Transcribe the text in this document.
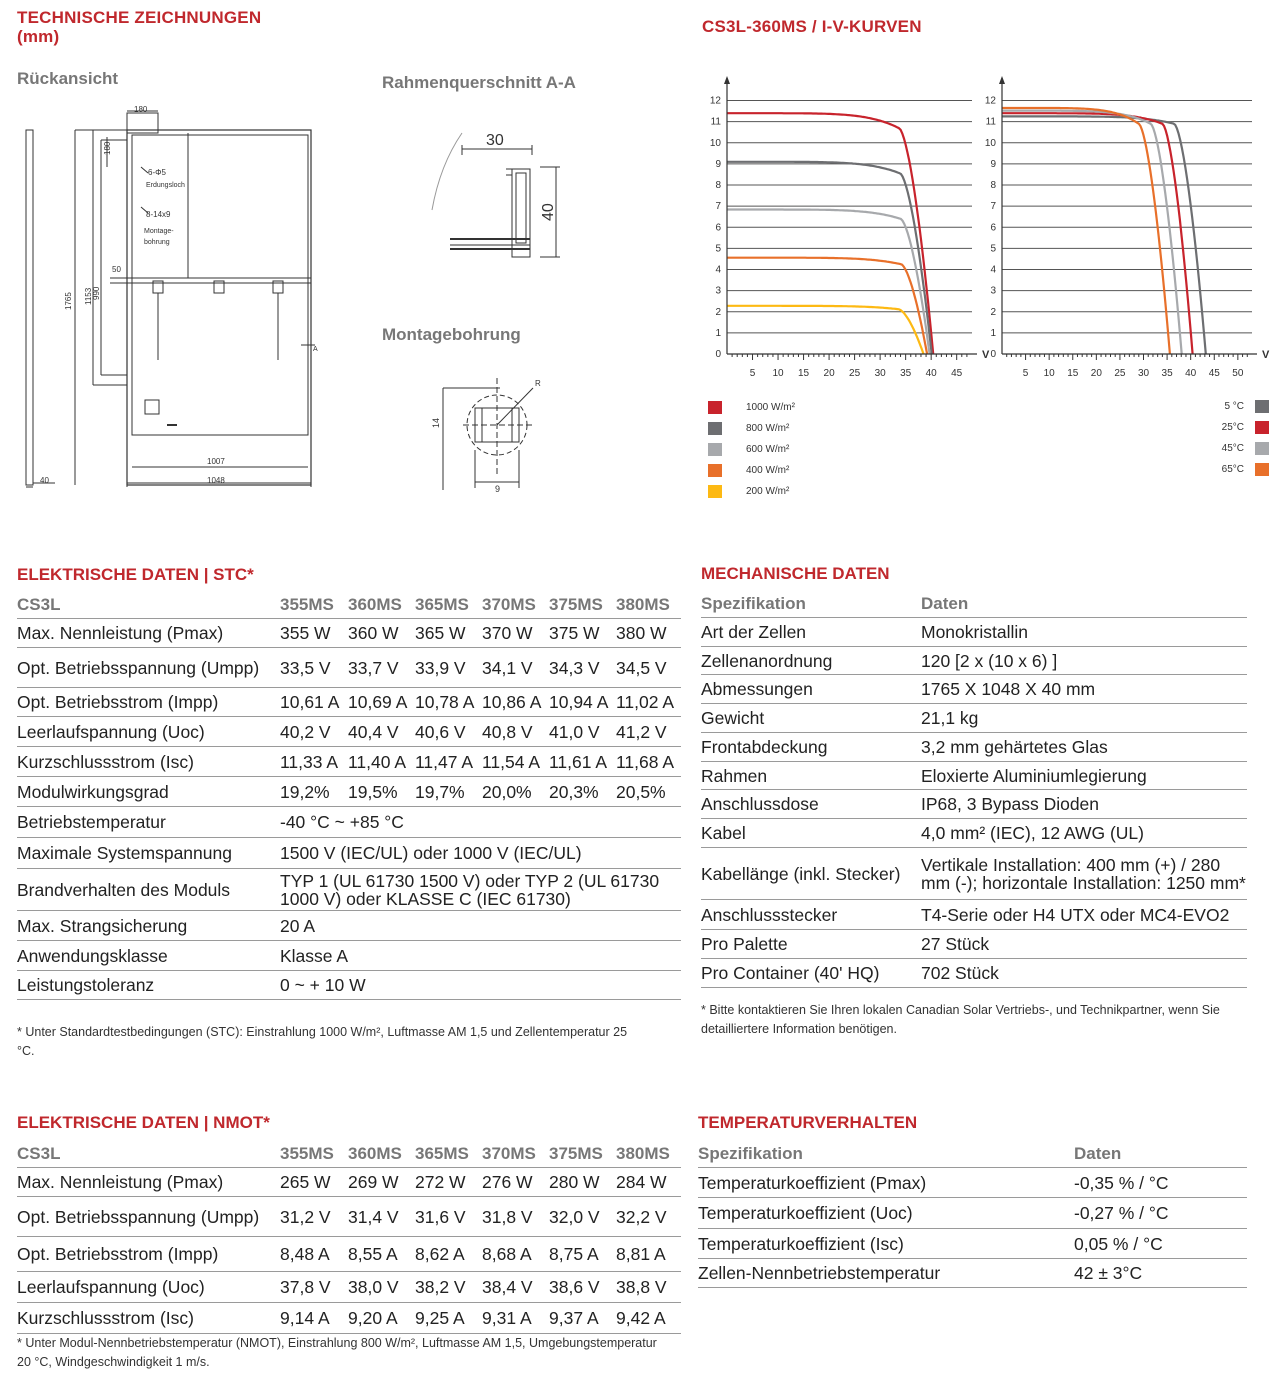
TECHNISCHE ZEICHNUNGEN
(mm)
Rückansicht	Rahmenquerschnitt A-A
Montagebohrung
180
180
6-Φ5
Erdungsloch
8-14x9
Montage-
bohrung
50
1765 1153 990
1007
1048
40
A
30
40
14
9
R
CS3L-360MS / I-V-KURVEN
0
1
2
3
4
5
6
7
8
9
10
11
12
5 10 15 20 25 30 35 40 45
V 0
1
2
3
4
5
6
7
8
9
10
11
12
5 10 15 20 25 30 35 40 45 50
V
1000 W/m²
800 W/m²
600 W/m²
400 W/m²
200 W/m²
5 °C
25°C
45°C
65°C
ELEKTRISCHE DATEN | STC*
CS3L	355MS	360MS	365MS	370MS	375MS	380MS
Max. Nennleistung (Pmax)	355 W	360 W	365 W	370 W	375 W	380 W
Opt. Betriebsspannung (Umpp)	33,5 V	33,7 V	33,9 V	34,1 V	34,3 V	34,5 V
Opt. Betriebsstrom (Impp)	10,61 A	10,69 A	10,78 A	10,86 A	10,94 A	11,02 A
Leerlaufspannung (Uoc)	40,2 V	40,4 V	40,6 V	40,8 V	41,0 V	41,2 V
Kurzschlussstrom (Isc)	11,33 A	11,40 A	11,47 A	11,54 A	11,61 A	11,68 A
Modulwirkungsgrad	19,2%	19,5%	19,7%	20,0%	20,3%	20,5%
Betriebstemperatur	-40 °C ~ +85 °C					
Maximale Systemspannung	1500 V (IEC/UL) oder 1000 V (IEC/UL)					
Brandverhalten des Moduls	TYP 1 (UL 61730 1500 V) oder TYP 2 (UL 61730 1000 V) oder KLASSE C (IEC 61730)					
Max. Strangsicherung	20 A					
Anwendungsklasse	Klasse A					
Leistungstoleranz	0 ~ + 10 W					
* Unter Standardtestbedingungen (STC): Einstrahlung 1000 W/m², Luftmasse AM 1,5 und Zellentemperatur 25 °C.
ELEKTRISCHE DATEN | NMOT*
CS3L	355MS	360MS	365MS	370MS	375MS	380MS
Max. Nennleistung (Pmax)	265 W	269 W	272 W	276 W	280 W	284 W
Opt. Betriebsspannung (Umpp)	31,2 V	31,4 V	31,6 V	31,8 V	32,0 V	32,2 V
Opt. Betriebsstrom (Impp)	8,48 A	8,55 A	8,62 A	8,68 A	8,75 A	8,81 A
Leerlaufspannung (Uoc)	37,8 V	38,0 V	38,2 V	38,4 V	38,6 V	38,8 V
Kurzschlussstrom (Isc)	9,14 A	9,20 A	9,25 A	9,31 A	9,37 A	9,42 A
* Unter Modul-Nennbetriebstemperatur (NMOT), Einstrahlung 800 W/m², Luftmasse AM 1,5, Umgebungstemperatur 20 °C, Windgeschwindigkeit 1 m/s.
MECHANISCHE DATEN
Spezifikation	Daten
Art der Zellen	Monokristallin
Zellenanordnung	120 [2 x (10 x 6) ]
Abmessungen	1765 X 1048 X 40 mm
Gewicht	21,1 kg
Frontabdeckung	3,2 mm gehärtetes Glas
Rahmen	Eloxierte Aluminiumlegierung
Anschlussdose	IP68, 3 Bypass Dioden
Kabel	4,0 mm² (IEC), 12 AWG (UL)
Kabellänge (inkl. Stecker)	Vertikale Installation: 400 mm (+) / 280 mm (-); horizontale Installation: 1250 mm*
Anschlussstecker	T4-Serie oder H4 UTX oder MC4-EVO2
Pro Palette	27 Stück
Pro Container (40' HQ)	702 Stück
* Bitte kontaktieren Sie Ihren lokalen Canadian Solar Vertriebs-, und Technikpartner, wenn Sie detailliertere Information benötigen.
TEMPERATURVERHALTEN
Spezifikation	Daten
Temperaturkoeffizient (Pmax)	-0,35 % / °C
Temperaturkoeffizient (Uoc)	-0,27 % / °C
Temperaturkoeffizient (Isc)	0,05 % / °C
Zellen-Nennbetriebstemperatur	42 ± 3°C
